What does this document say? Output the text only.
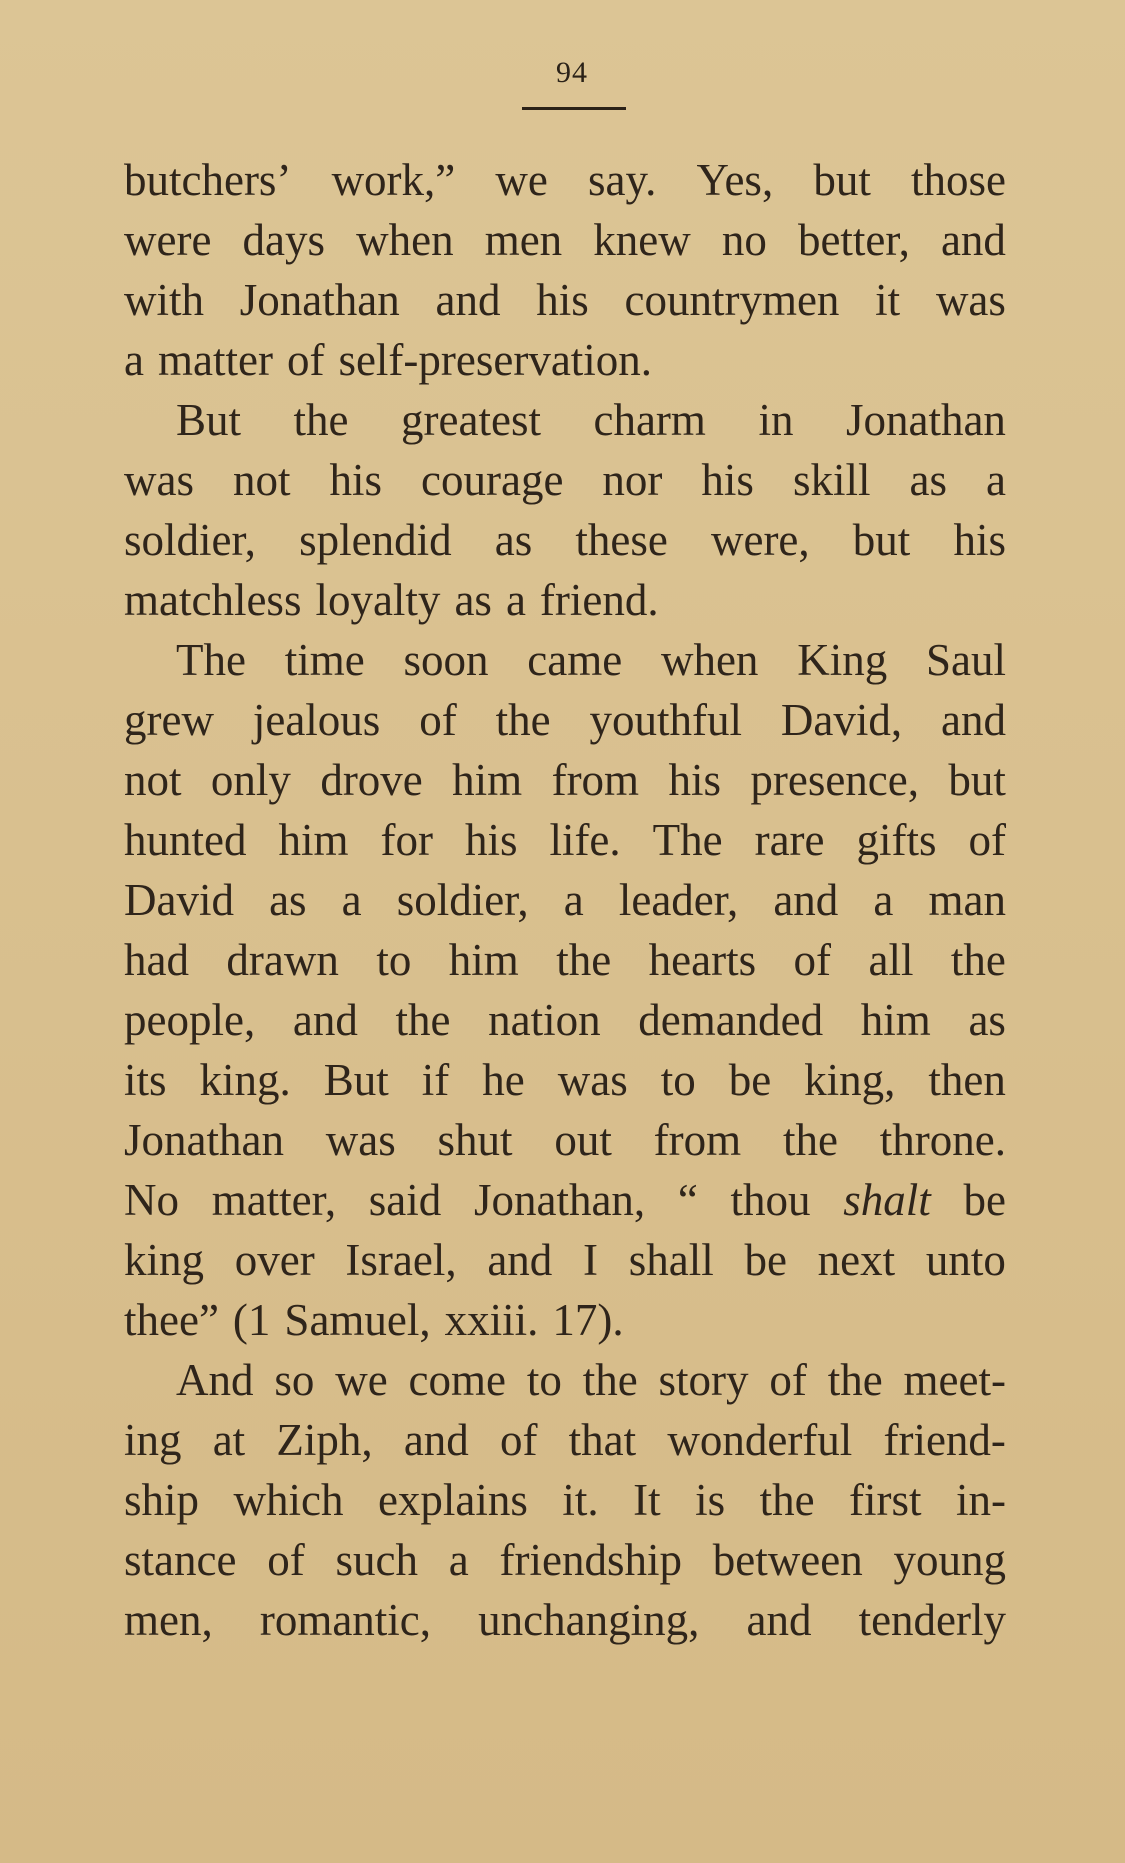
94
butchers’ work,” we say. Yes, but those
were days when men knew no better, and
with Jonathan and his countrymen it was
a matter of self-preservation.
But the greatest charm in Jonathan
was not his courage nor his skill as a
soldier, splendid as these were, but his
matchless loyalty as a friend.
The time soon came when King Saul
grew jealous of the youthful David, and
not only drove him from his presence, but
hunted him for his life. The rare gifts of
David as a soldier, a leader, and a man
had drawn to him the hearts of all the
people, and the nation demanded him as
its king. But if he was to be king, then
Jonathan was shut out from the throne.
No matter, said Jonathan, “ thou shalt be
king over Israel, and I shall be next unto
thee” (1 Samuel, xxiii. 17).
And so we come to the story of the meet-
ing at Ziph, and of that wonderful friend-
ship which explains it. It is the first in-
stance of such a friendship between young
men, romantic, unchanging, and tenderly
